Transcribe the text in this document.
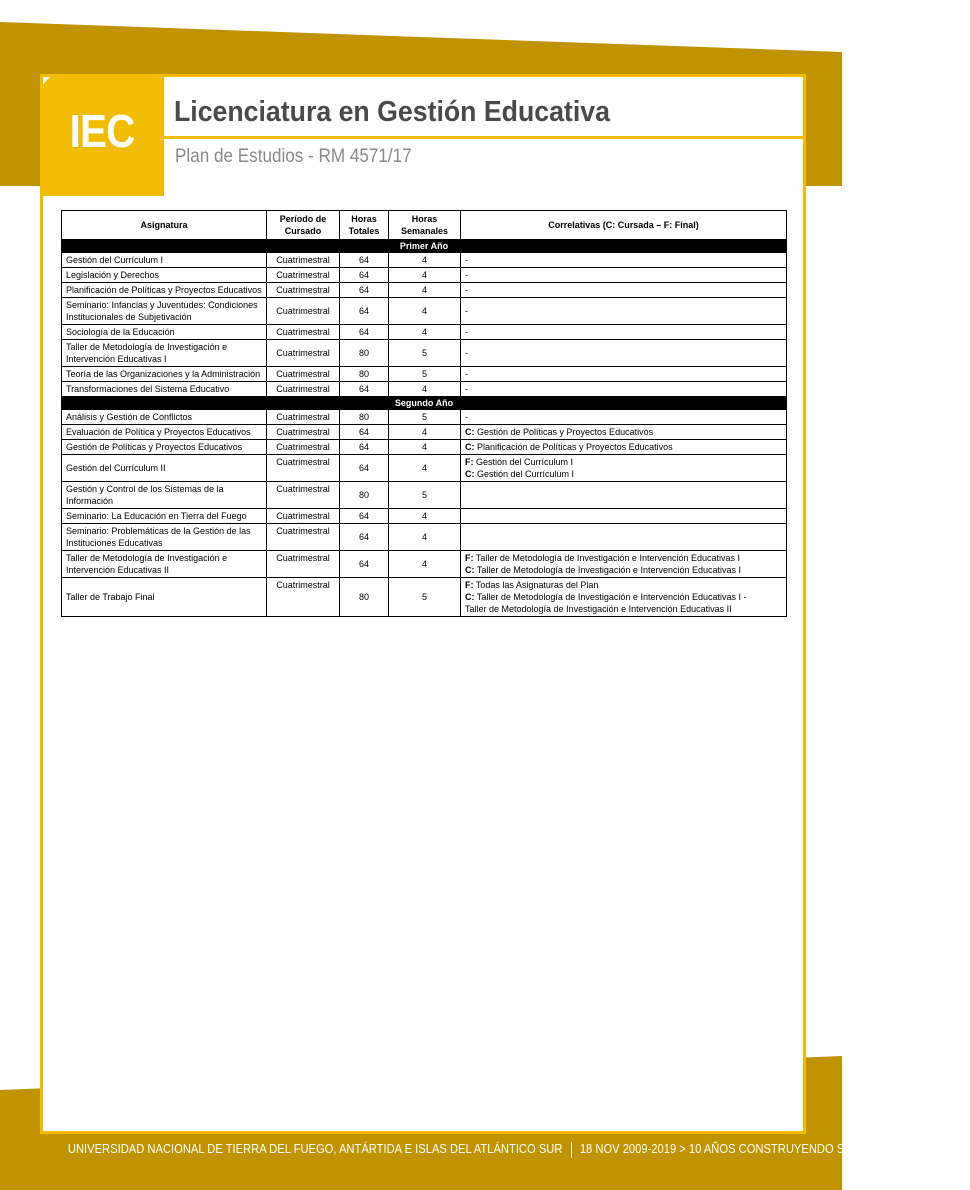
IEC	Licenciatura en Gestión Educativa
Plan de Estudios - RM 4571/17
Asignatura	Período de Cursado	Horas Totales	Horas Semanales	Correlativas (C: Cursada – F: Final)
Primer Año				
Gestión del Currículum I	Cuatrimestral	64	4	-

Legislación y Derechos	Cuatrimestral	64	4	-

Planificación de Políticas y Proyectos Educativos	Cuatrimestral	64	4	-

Seminario: Infancias y Juventudes: Condiciones Institucionales de Subjetivación	Cuatrimestral	64	4	-

Sociología de la Educación	Cuatrimestral	64	4	-

Taller de Metodología de Investigación e Intervención Educativas I	Cuatrimestral	80	5	-

Teoría de las Organizaciones y la Administración	Cuatrimestral	80	5	-

Transformaciones del Sistema Educativo	Cuatrimestral	64	4	-

Segundo Año				
Análisis y Gestión de Conflictos	Cuatrimestral	80	5	-

Evaluación de Política y Proyectos Educativos	Cuatrimestral	64	4	C: Gestión de Políticas y Proyectos Educativos

Gestión de Políticas y Proyectos Educativos	Cuatrimestral	64	4	C: Planificación de Políticas y Proyectos Educativos

Gestión del Currículum II	Cuatrimestral	64	4	F: Gestión del Currículum I
C: Gestión del Currículum I

Gestión y Control de los Sistemas de la Información	Cuatrimestral	80	5	
Seminario: La Educación en Tierra del Fuego	Cuatrimestral	64	4	
Seminario: Problemáticas de la Gestión de las Instituciones Educativas	Cuatrimestral	64	4	
Taller de Metodología de Investigación e Intervención Educativas II	Cuatrimestral	64	4	F: Taller de Metodología de Investigación e Intervención Educativas I
C: Taller de Metodología de Investigación e Intervención Educativas I

Taller de Trabajo Final	Cuatrimestral	80	5	F: Todas las Asignaturas del Plan
C: Taller de Metodología de Investigación e Intervención Educativas I -
Taller de Metodología de Investigación e Intervención Educativas II
UNIVERSIDAD NACIONAL DE TIERRA DEL FUEGO, ANTÁRTIDA E ISLAS DEL ATLÁNTICO SUR 18 NOV 2009-2019 > 10 AÑOS CONSTRUYENDO SOBERANÍA
